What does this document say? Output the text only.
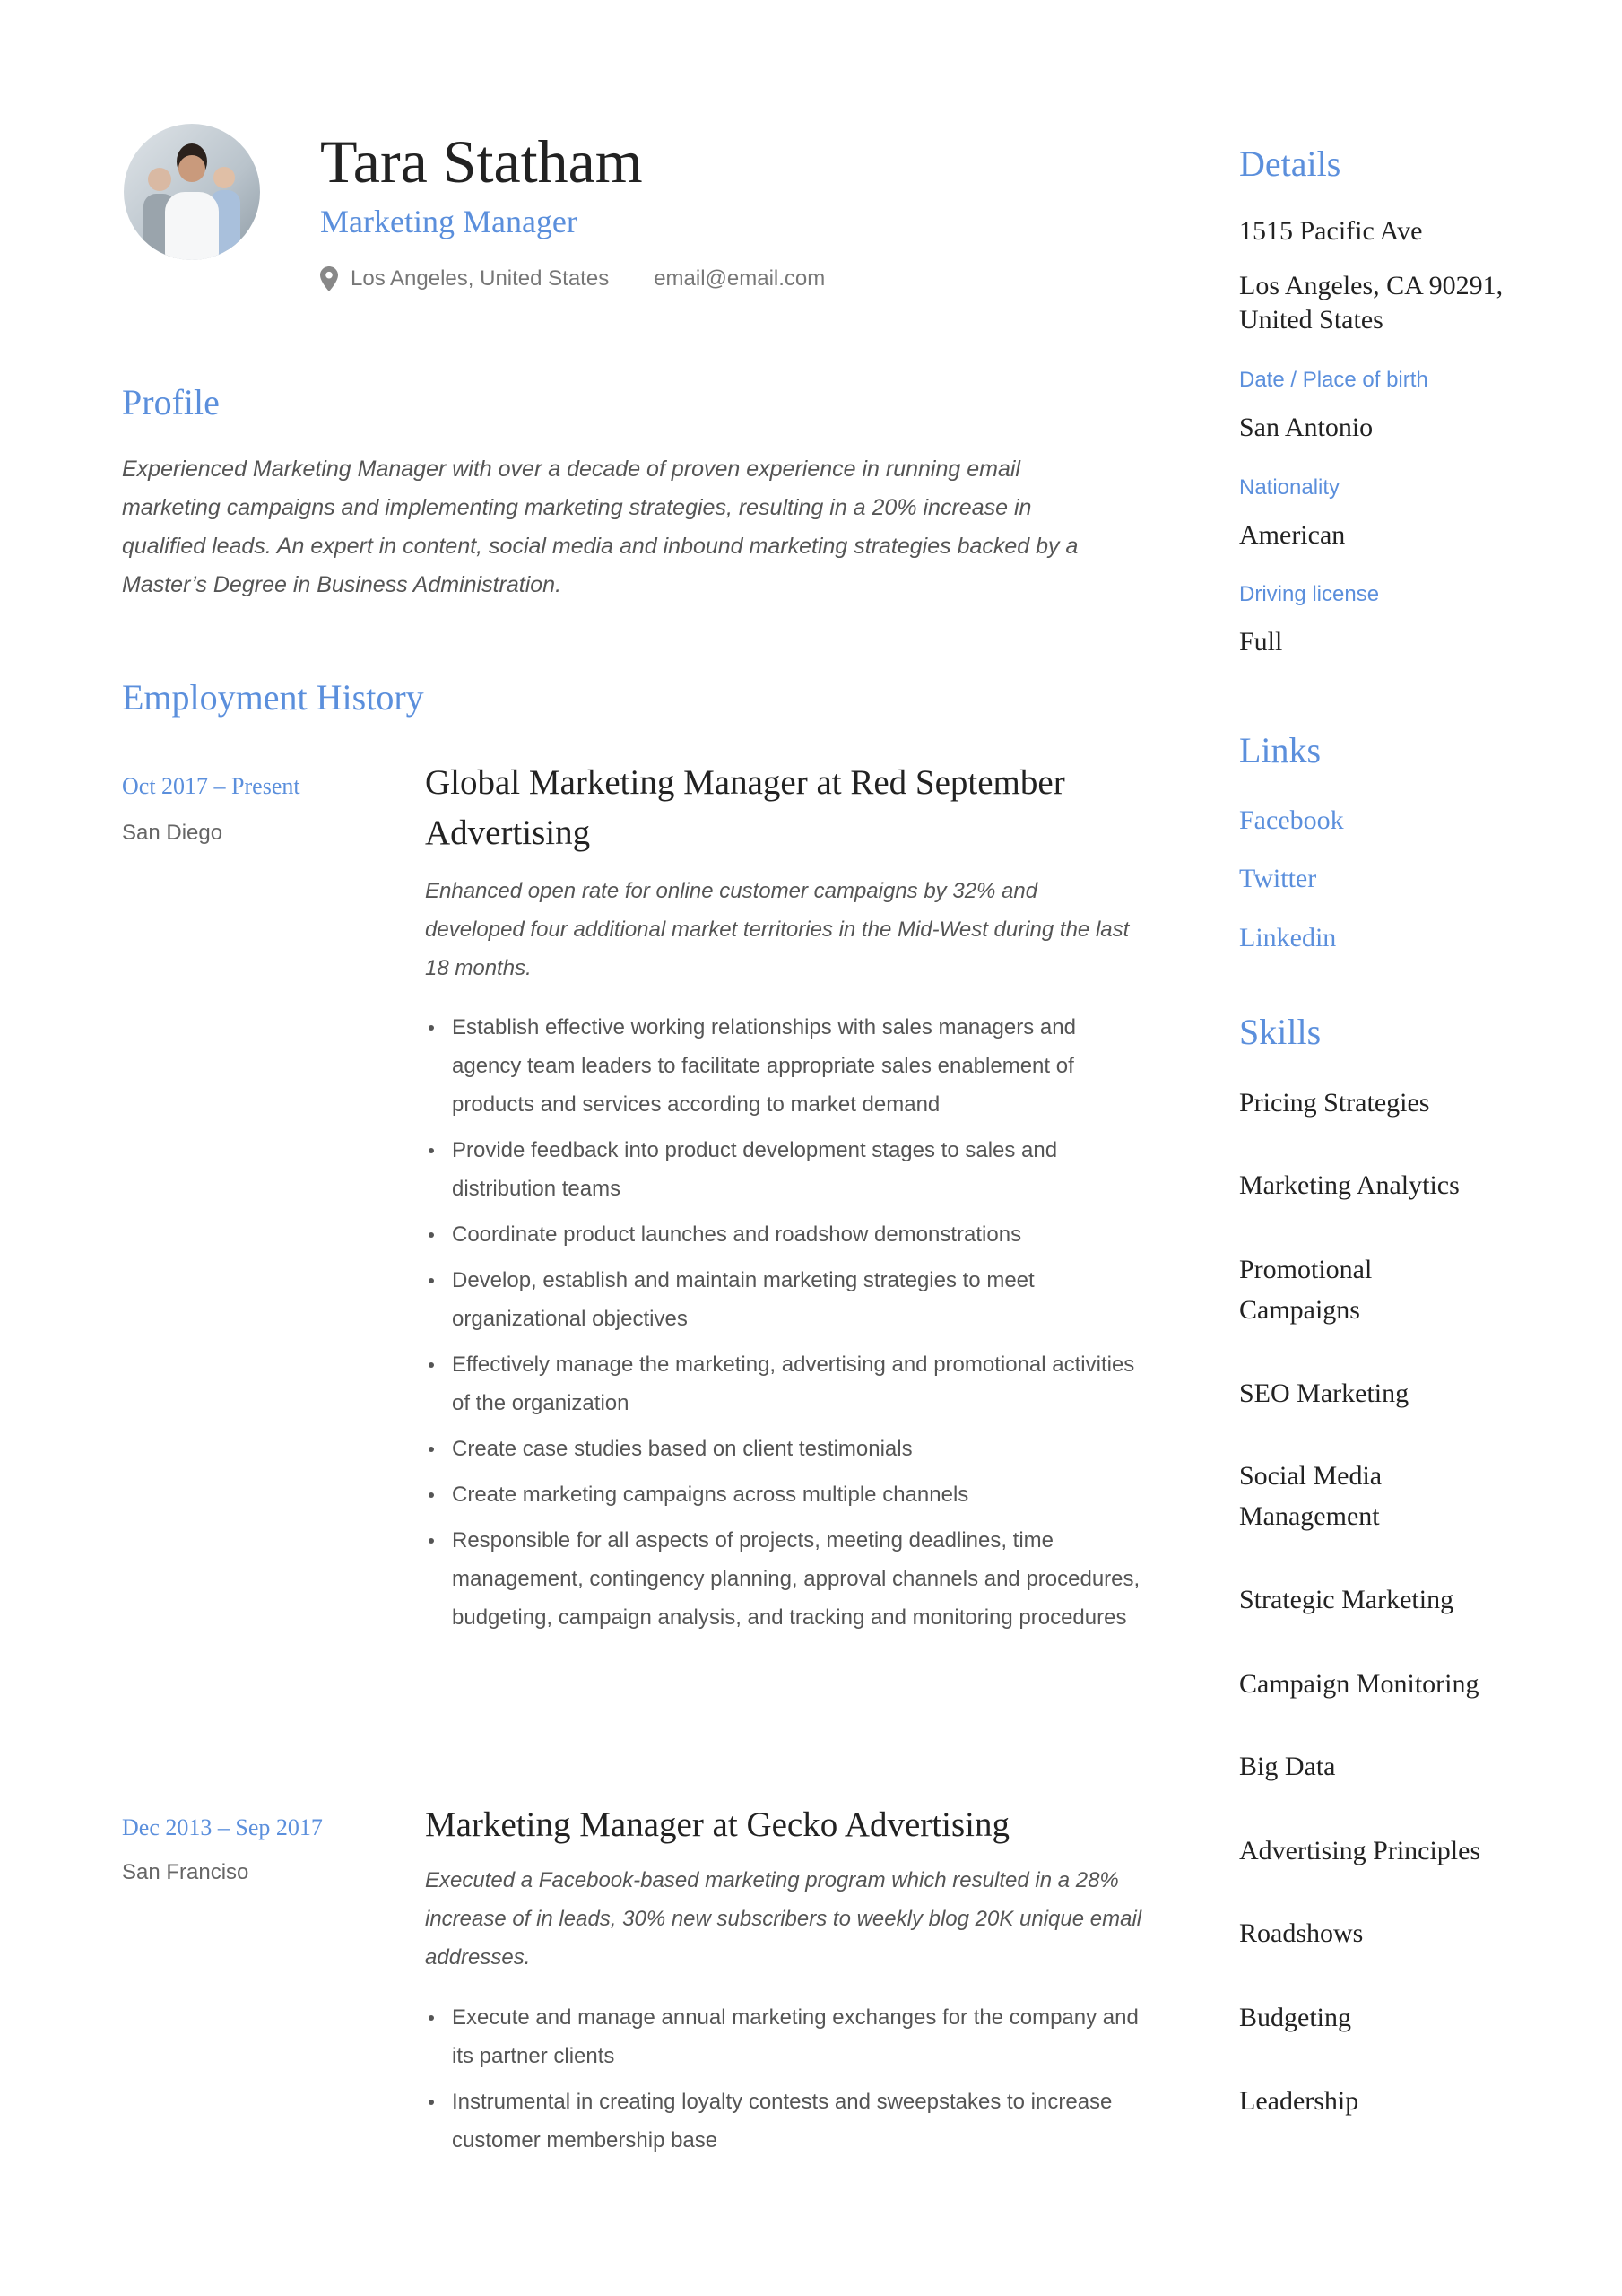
Tara Statham
Marketing Manager
Los Angeles, United States email@email.com
Profile

Experienced Marketing Manager with over a decade of proven experience in running email marketing campaigns and implementing marketing strategies, resulting in a 20% increase in qualified leads. An expert in content, social media and inbound marketing strategies backed by a Master’s Degree in Business Administration.

Employment History
Oct 2017 – Present
San Diego
Global Marketing Manager at Red September Advertising

Enhanced open rate for online customer campaigns by 32% and developed four additional market territories in the Mid-West during the last 18 months.

Establish effective working relationships with sales managers and agency team leaders to facilitate appropriate sales enablement of products and services according to market demand
Provide feedback into product development stages to sales and distribution teams
Coordinate product launches and roadshow demonstrations
Develop, establish and maintain marketing strategies to meet organizational objectives
Effectively manage the marketing, advertising and promotional activities of the organization
Create case studies based on client testimonials
Create marketing campaigns across multiple channels
Responsible for all aspects of projects, meeting deadlines, time management, contingency planning, approval channels and procedures, budgeting, campaign analysis, and tracking and monitoring procedures
Dec 2013 – Sep 2017
San Franciso
Marketing Manager at Gecko Advertising

Executed a Facebook-based marketing program which resulted in a 28% increase of in leads, 30% new subscribers to weekly blog 20K unique email addresses.

Execute and manage annual marketing exchanges for the company and its partner clients
Instrumental in creating loyalty contests and sweepstakes to increase customer membership base
Details
1515 Pacific Ave
Los Angeles, CA 90291, United States
Date / Place of birth
San Antonio
Nationality
American
Driving license
Full
Links
Facebook
Twitter
Linkedin
Skills
Pricing Strategies
Marketing Analytics
Promotional Campaigns
SEO Marketing
Social Media Management
Strategic Marketing
Campaign Monitoring
Big Data
Advertising Principles
Roadshows
Budgeting
Leadership
